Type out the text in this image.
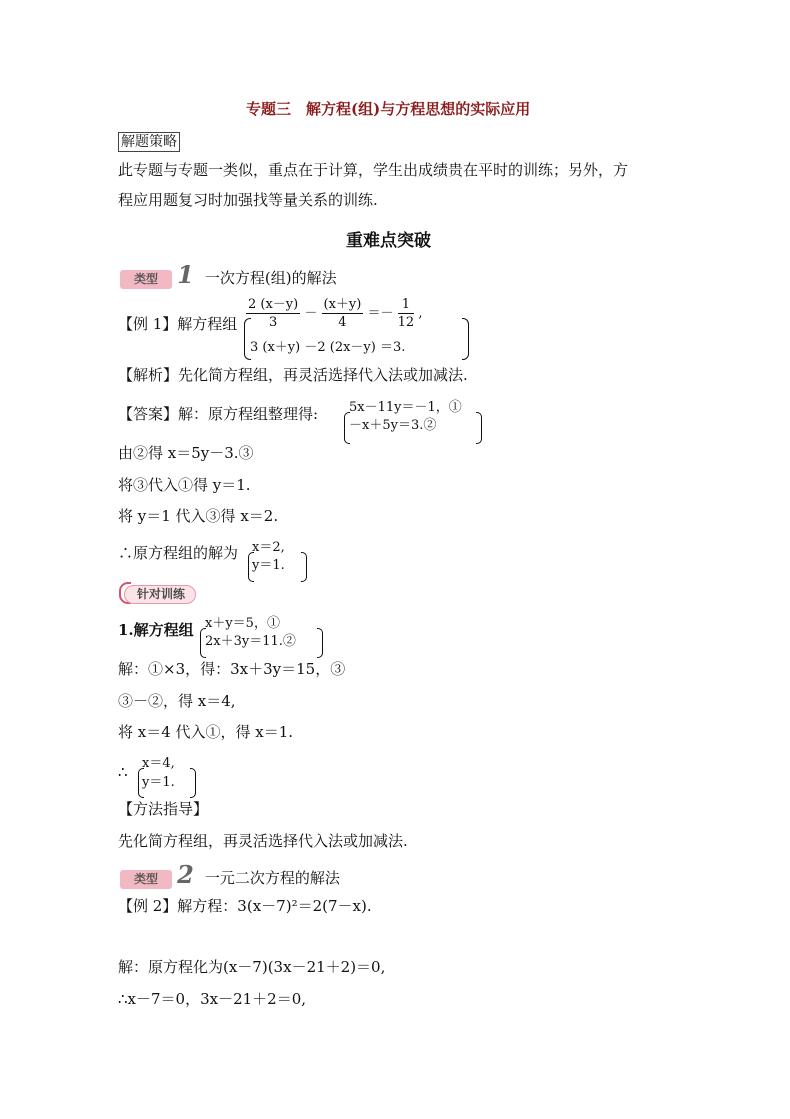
专题三　解方程(组)与方程思想的实际应用
解题策略
此专题与专题一类似，重点在于计算，学生出成绩贵在平时的训练；另外，方
程应用题复习时加强找等量关系的训练.
重难点突破
类型 1 一次方程(组)的解法
【例 1】解方程组 $\frac{2 (x-y)}{3} - \frac{(x+y)}{4} =- \frac{1}{12}$ ,
3 (x＋y) －2 (2x－y) ＝3.
【解析】先化简方程组，再灵活选择代入法或加减法.
【答案】解：原方程组整理得: 5x－11y＝－1，①
－x＋5y＝3.②
由②得 x＝5y－3.③
将③代入①得 y＝1.
将 y＝1 代入③得 x＝2.
∴原方程组的解为 x＝2,
y＝1.
针对训练
1.解方程组 x＋y＝5，①
2x＋3y＝11.②
解：①×3，得：3x＋3y＝15，③
③－②，得 x＝4,
将 x＝4 代入①，得 x＝1.
∴ x＝4,
y＝1.
【方法指导】
先化简方程组，再灵活选择代入法或加减法.
类型 2 一元二次方程的解法
【例 2】解方程：3(x－7)²＝2(7－x).
解：原方程化为(x－7)(3x－21＋2)＝0,
∴x－7＝0，3x－21＋2＝0,
